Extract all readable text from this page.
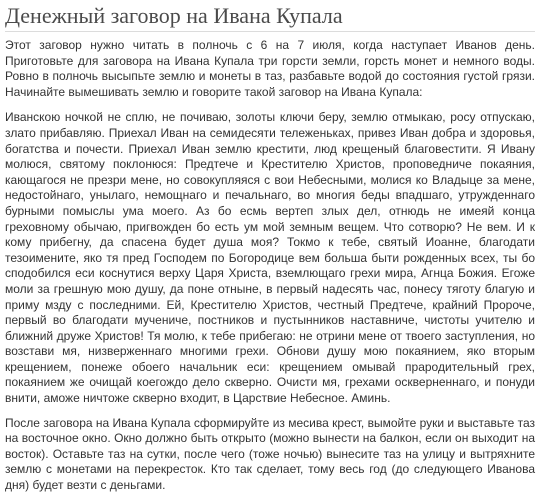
Денежный заговор на Ивана Купала

Этот заговор нужно читать в полночь с 6 на 7 июля, когда наступает Иванов день. Приготовьте для заговора на Ивана Купала три горсти земли, горсть монет и немного воды. Ровно в полночь высыпьте землю и монеты в таз, разбавьте водой до состояния густой грязи. Начинайте вымешивать землю и говорите такой заговор на Ивана Купала:

Иванскою ночкой не сплю, не почиваю, золоты ключи беру, землю отмыкаю, росу отпускаю, злато прибавляю. Приехал Иван на семидесяти тележеньках, привез Иван добра и здоровья, богатства и почести. Приехал Иван землю крестити, люд крещеный благовестити. Я Ивану молюся, святому поклонюся: Предтече и Крестителю Христов, проповедниче покаяния, кающагося не презри мене, но совокупляяся с вои Небесными, молися ко Владыце за мене, недостойнаго, унылаго, немощнаго и печальнаго, во многия беды впадшаго, утружденнаго бурными помыслы ума моего. Аз бо есмь вертеп злых дел, отнюдь не имеяй конца греховному обычаю, пригвожден бо есть ум мой земным вещем. Что сотворю? Не вем. И к кому прибегну, да спасена будет душа моя? Токмо к тебе, святый Иоанне, благодати тезоимените, яко тя пред Господем по Богородице вем больша быти рожденных всех, ты бо сподобился еси коснутися верху Царя Христа, вземлющаго грехи мира, Агнца Божия. Егоже моли за грешную мою душу, да поне отныне, в первый надесять час, понесу тяготу благую и приму мзду с последними. Ей, Крестителю Христов, честный Предтече, крайний Пророче, первый во благодати мучениче, постников и пустынников наставниче, чистоты учителю и ближний друже Христов! Тя молю, к тебе прибегаю: не отрини мене от твоего заступления, но возстави мя, низверженнаго многими грехи. Обнови душу мою покаянием, яко вторым крещением, понеже обоего начальник еси: крещением омывай прародительный грех, покаянием же очищай коегождо дело скверно. Очисти мя, грехами оскверненнаго, и понуди внити, аможе ничтоже скверно входит, в Царствие Небесное. Аминь.

После заговора на Ивана Купала сформируйте из месива крест, вымойте руки и выставьте таз на восточное окно. Окно должно быть открыто (можно вынести на балкон, если он выходит на восток). Оставьте таз на сутки, после чего (тоже ночью) вынесите таз на улицу и вытряхните землю с монетами на перекресток. Кто так сделает, тому весь год (до следующего Иванова дня) будет везти с деньгами.
